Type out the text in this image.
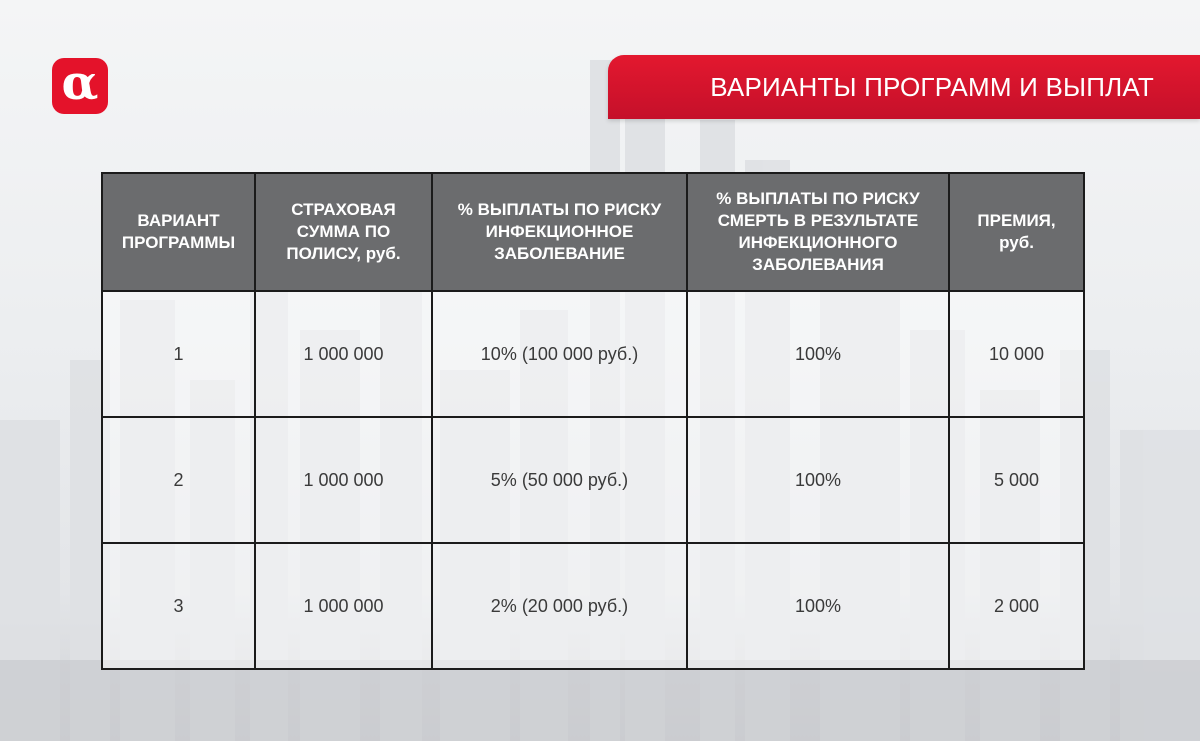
α	ВАРИАНТЫ ПРОГРАММ И ВЫПЛАТ
ВАРИАНТ ПРОГРАММЫ	СТРАХОВАЯ СУММА ПО ПОЛИСУ, руб.	% ВЫПЛАТЫ ПО РИСКУ ИНФЕКЦИОННОЕ ЗАБОЛЕВАНИЕ	% ВЫПЛАТЫ ПО РИСКУ СМЕРТЬ В РЕЗУЛЬТАТЕ ИНФЕКЦИОННОГО ЗАБОЛЕВАНИЯ	ПРЕМИЯ, руб.
1	1 000 000	10% (100 000 руб.)	100%	10 000
2	1 000 000	5% (50 000 руб.)	100%	5 000
3	1 000 000	2% (20 000 руб.)	100%	2 000
